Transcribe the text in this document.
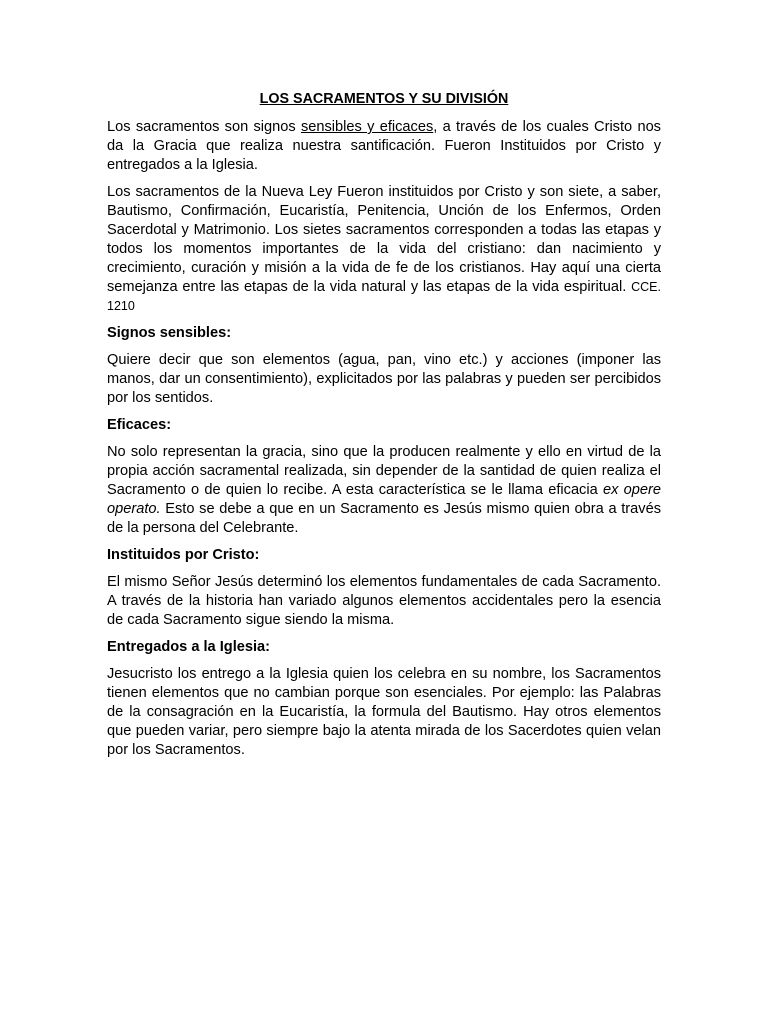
LOS SACRAMENTOS Y SU DIVISIÓN

Los sacramentos son signos sensibles y eficaces, a través de los cuales Cristo nos da la Gracia que realiza nuestra santificación. Fueron Instituidos por Cristo y entregados a la Iglesia.

Los sacramentos de la Nueva Ley Fueron instituidos por Cristo y son siete, a saber, Bautismo, Confirmación, Eucaristía, Penitencia, Unción de los Enfermos, Orden Sacerdotal y Matrimonio. Los sietes sacramentos corresponden a todas las etapas y todos los momentos importantes de la vida del cristiano: dan nacimiento y crecimiento, curación y misión a la vida de fe de los cristianos. Hay aquí una cierta semejanza entre las etapas de la vida natural y las etapas de la vida espiritual. CCE. 1210

Signos sensibles:

Quiere decir que son elementos (agua, pan, vino etc.) y acciones (imponer las manos, dar un consentimiento), explicitados por las palabras y pueden ser percibidos por los sentidos.

Eficaces:

No solo representan la gracia, sino que la producen realmente y ello en virtud de la propia acción sacramental realizada, sin depender de la santidad de quien realiza el Sacramento o de quien lo recibe. A esta característica se le llama eficacia ex opere operato. Esto se debe a que en un Sacramento es Jesús mismo quien obra a través de la persona del Celebrante.

Instituidos por Cristo:

El mismo Señor Jesús determinó los elementos fundamentales de cada Sacramento. A través de la historia han variado algunos elementos accidentales pero la esencia de cada Sacramento sigue siendo la misma.

Entregados a la Iglesia:

Jesucristo los entrego a la Iglesia quien los celebra en su nombre, los Sacramentos tienen elementos que no cambian porque son esenciales. Por ejemplo: las Palabras de la consagración en la Eucaristía, la formula del Bautismo. Hay otros elementos que pueden variar, pero siempre bajo la atenta mirada de los Sacerdotes quien velan por los Sacramentos.
